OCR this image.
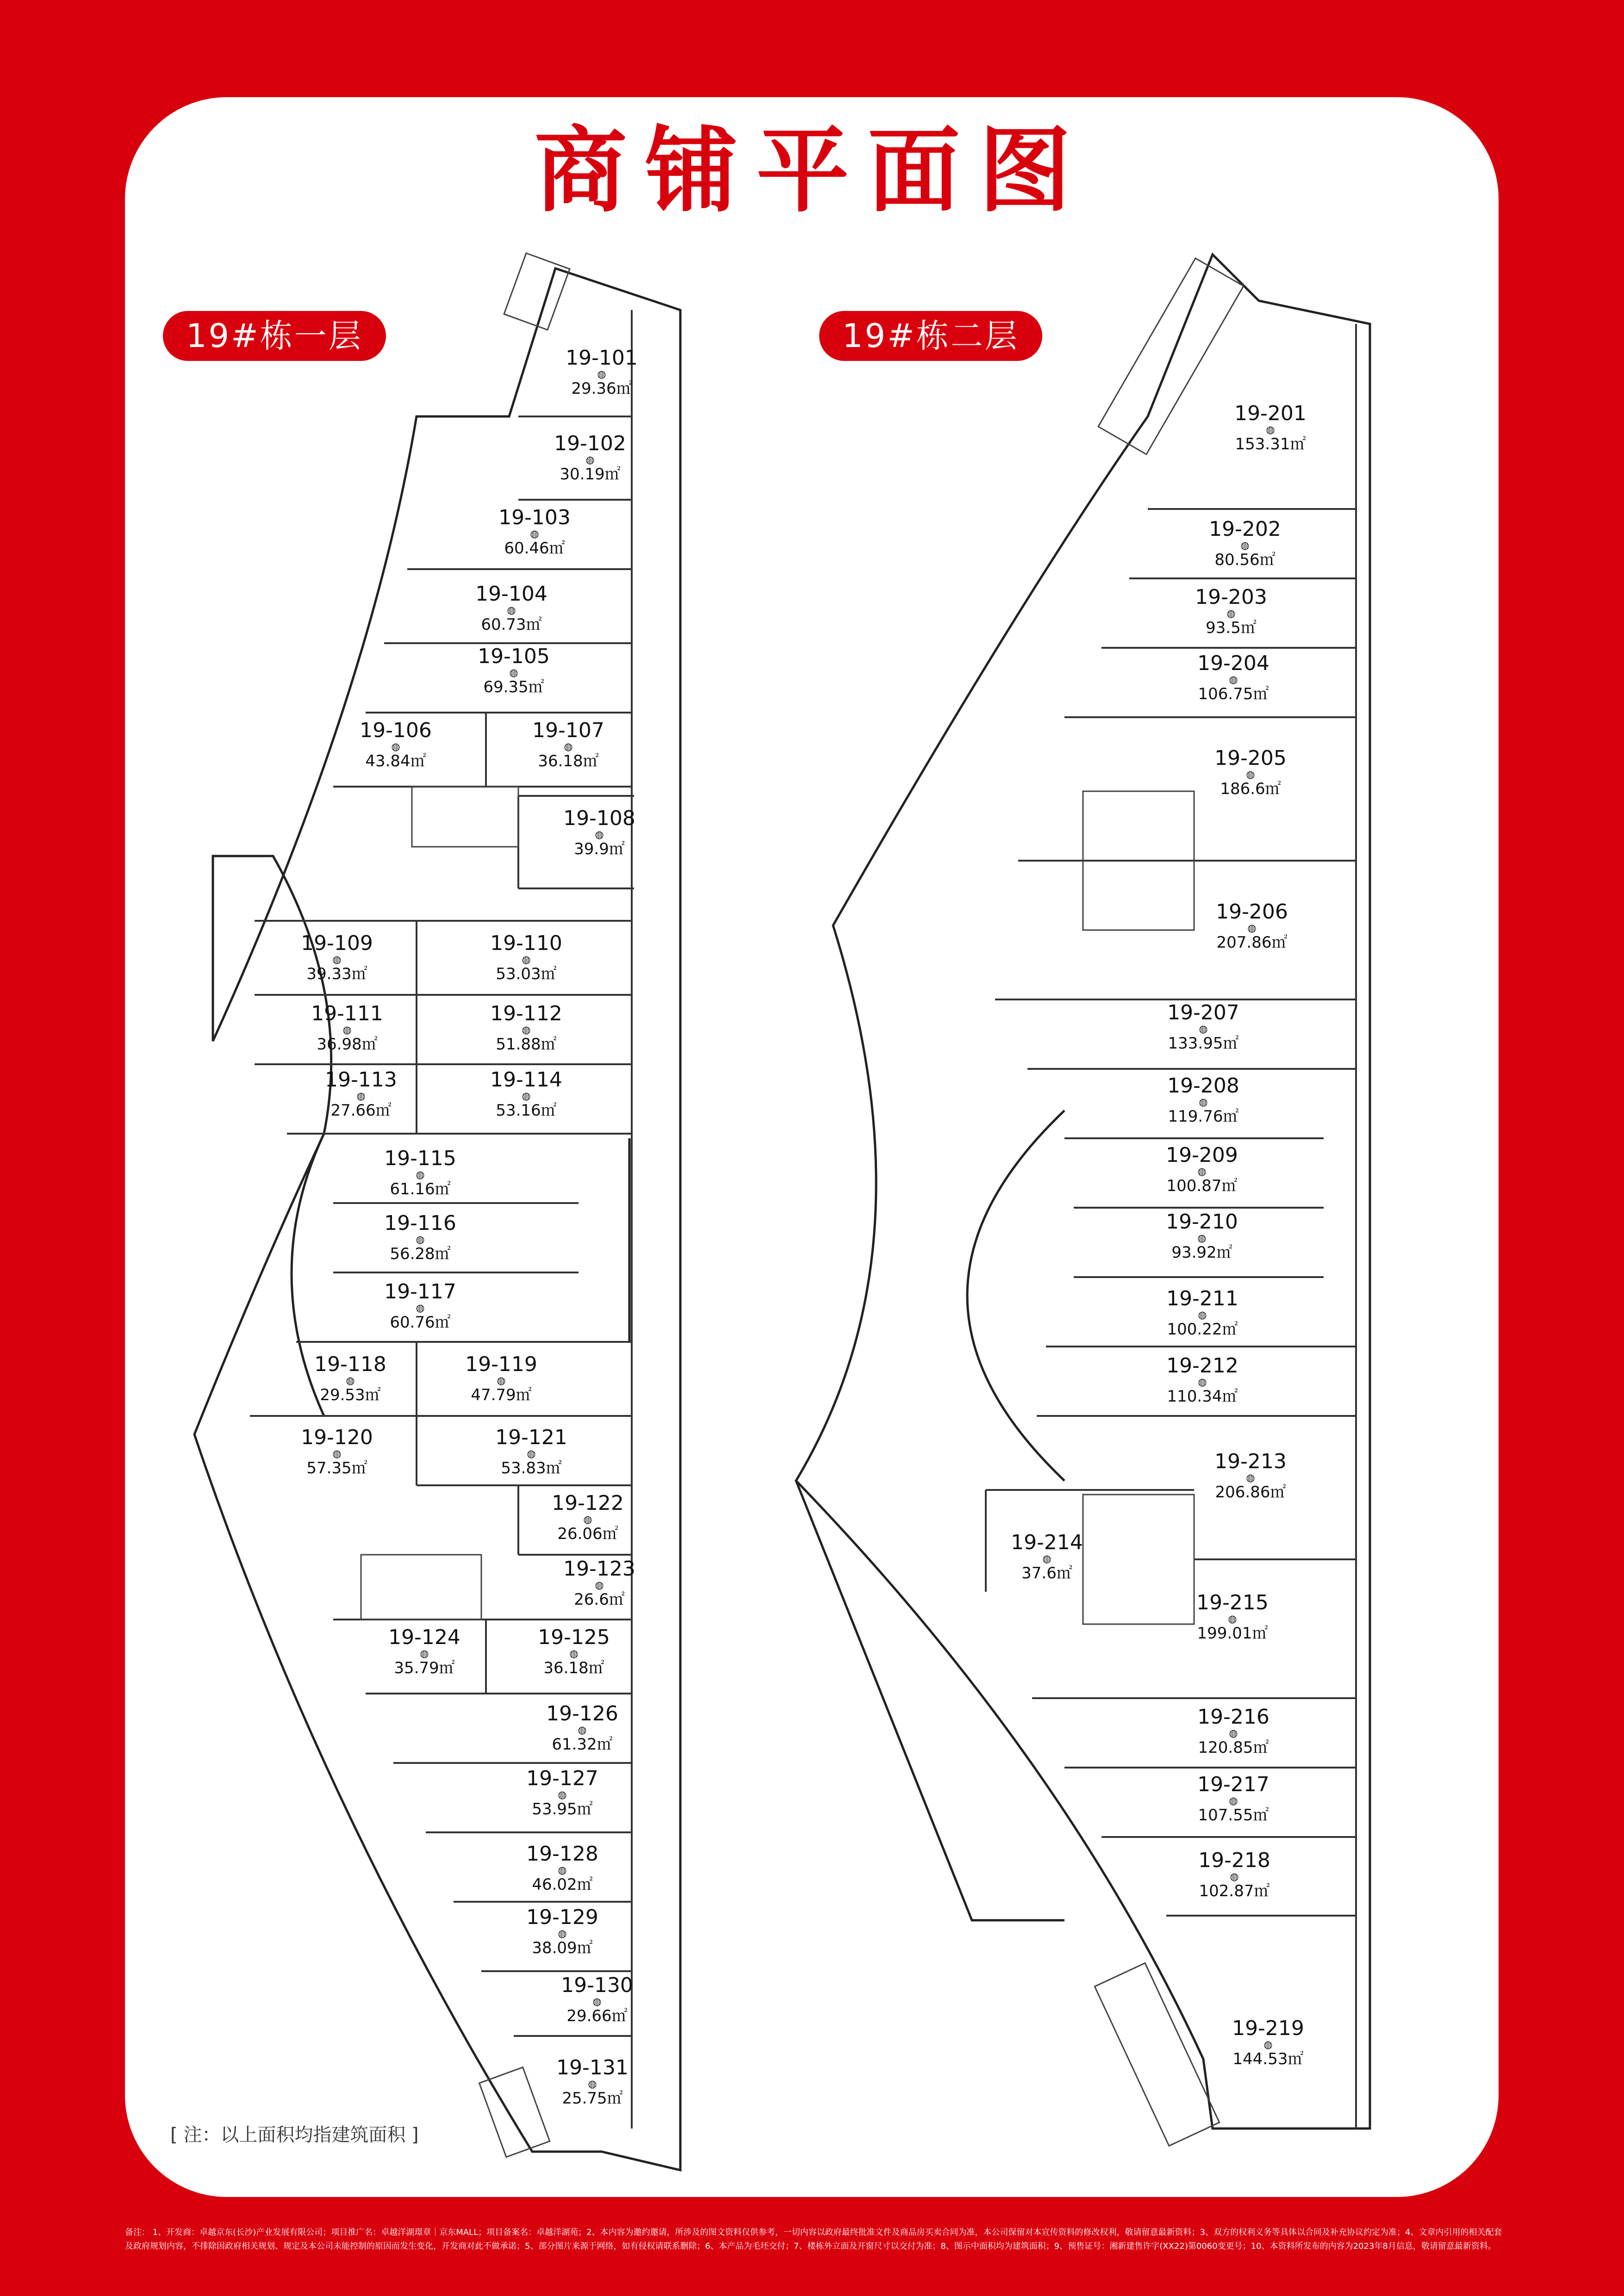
商铺平面图
19#栋一层	19#栋二层
19-101
◍
29.36㎡
19-102
◍
30.19㎡
19-103
◍
60.46㎡
19-104
◍
60.73㎡
19-105
◍
69.35㎡
19-106
◍
43.84㎡
19-107
◍
36.18㎡
19-108
◍
39.9㎡
19-109
◍
39.33㎡
19-110
◍
53.03㎡
19-111
◍
36.98㎡
19-112
◍
51.88㎡
19-113
◍
27.66㎡
19-114
◍
53.16㎡
19-115
◍
61.16㎡
19-116
◍
56.28㎡
19-117
◍
60.76㎡
19-118
◍
29.53㎡
19-119
◍
47.79㎡
19-120
◍
57.35㎡
19-121
◍
53.83㎡
19-122
◍
26.06㎡
19-123
◍
26.6㎡
19-124
◍
35.79㎡
19-125
◍
36.18㎡
19-126
◍
61.32㎡
19-127
◍
53.95㎡
19-128
◍
46.02㎡
19-129
◍
38.09㎡
19-130
◍
29.66㎡
19-131
◍
25.75㎡
19-201
◍
153.31㎡
19-202
◍
80.56㎡
19-203
◍
93.5㎡
19-204
◍
106.75㎡
19-205
◍
186.6㎡
19-206
◍
207.86㎡
19-207
◍
133.95㎡
19-208
◍
119.76㎡
19-209
◍
100.87㎡
19-210
◍
93.92㎡
19-211
◍
100.22㎡
19-212
◍
110.34㎡
19-213
◍
206.86㎡
19-214
◍
37.6㎡
19-215
◍
199.01㎡
19-216
◍
120.85㎡
19-217
◍
107.55㎡
19-218
◍
102.87㎡
19-219
◍
144.53㎡
[ 注：以上面积均指建筑面积 ]
备注： 1、开发商：卓越京东(长沙)产业发展有限公司；项目推广名：卓越洋湖璟章｜京东MALL；项目备案名：卓越洋湖苑；2、本内容为邀约邀请，所涉及的图文资料仅供参考，一切内容以政府最终批准文件及商品房买卖合同为准，本公司保留对本宣传资料的修改权利，敬请留意最新资料；3、双方的权利义务等具体以合同及补充协议约定为准；4、文章内引用的相关配套及政府规划内容，不排除因政府相关规划、规定及本公司未能控制的原因而发生变化，开发商对此不做承诺；5、部分图片来源于网络，如有侵权请联系删除；6、本产品为毛坯交付；7、楼栋外立面及开窗尺寸以交付为准；8、图示中面积均为建筑面积；9、预售证号：湘新建售许字(XX22)第0060变更号；10、本资料所发布的内容为2023年8月信息，敬请留意最新资料。
